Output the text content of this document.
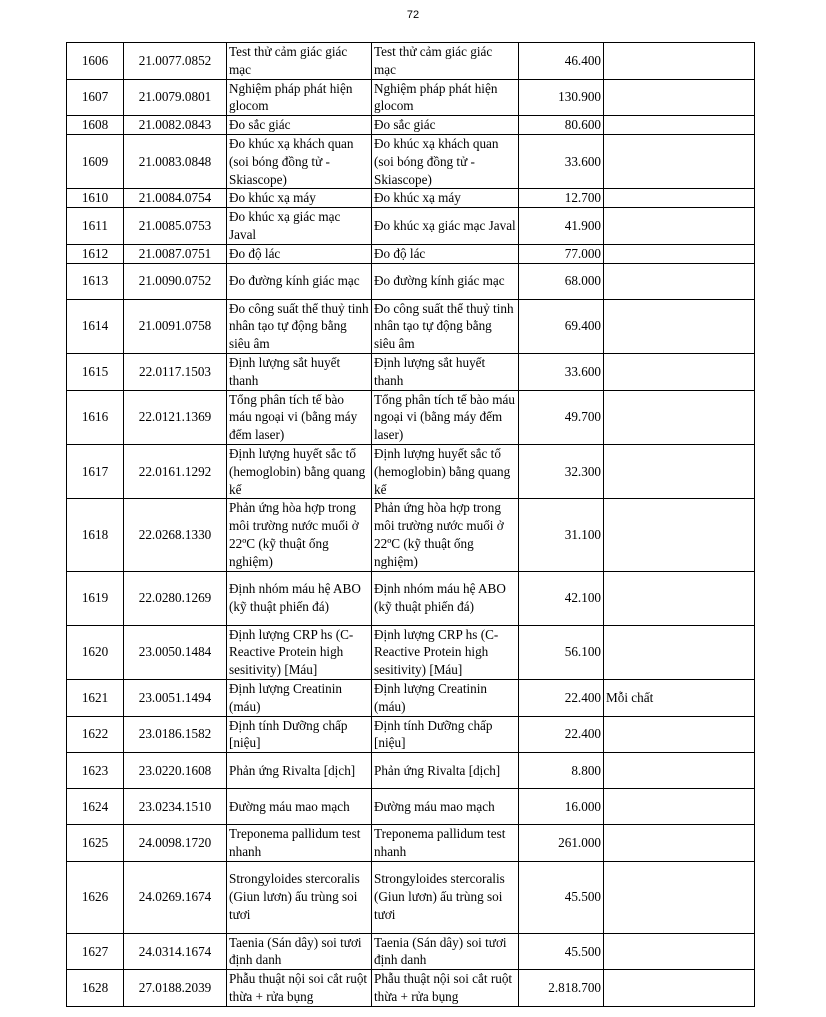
72
1606	21.0077.0852	Test thử cảm giác giác mạc	Test thử cảm giác giác mạc	46.400	
1607	21.0079.0801	Nghiệm pháp phát hiện glocom	Nghiệm pháp phát hiện glocom	130.900	
1608	21.0082.0843	Đo sắc giác	Đo sắc giác	80.600	
1609	21.0083.0848	Đo khúc xạ khách quan (soi bóng đồng tử - Skiascope)	Đo khúc xạ khách quan (soi bóng đồng tử - Skiascope)	33.600	
1610	21.0084.0754	Đo khúc xạ máy	Đo khúc xạ máy	12.700	
1611	21.0085.0753	Đo khúc xạ giác mạc Javal	Đo khúc xạ giác mạc Javal	41.900	
1612	21.0087.0751	Đo độ lác	Đo độ lác	77.000	
1613	21.0090.0752	Đo đường kính giác mạc	Đo đường kính giác mạc	68.000	
1614	21.0091.0758	Đo công suất thể thuỷ tinh nhân tạo tự động bằng siêu âm	Đo công suất thể thuỷ tinh nhân tạo tự động bằng siêu âm	69.400	
1615	22.0117.1503	Định lượng sắt huyết thanh	Định lượng sắt huyết thanh	33.600	
1616	22.0121.1369	Tổng phân tích tế bào máu ngoại vi (bằng máy đếm laser)	Tổng phân tích tế bào máu ngoại vi (bằng máy đếm laser)	49.700	
1617	22.0161.1292	Định lượng huyết sắc tố (hemoglobin) bằng quang kế	Định lượng huyết sắc tố (hemoglobin) bằng quang kế	32.300	
1618	22.0268.1330	Phản ứng hòa hợp trong môi trường nước muối ở 22ºC (kỹ thuật ống nghiệm)	Phản ứng hòa hợp trong môi trường nước muối ở 22ºC (kỹ thuật ống nghiệm)	31.100	
1619	22.0280.1269	Định nhóm máu hệ ABO (kỹ thuật phiến đá)	Định nhóm máu hệ ABO (kỹ thuật phiến đá)	42.100	
1620	23.0050.1484	Định lượng CRP hs (C-Reactive Protein high sesitivity) [Máu]	Định lượng CRP hs (C-Reactive Protein high sesitivity) [Máu]	56.100	
1621	23.0051.1494	Định lượng Creatinin (máu)	Định lượng Creatinin (máu)	22.400	Mỗi chất
1622	23.0186.1582	Định tính Dưỡng chấp [niệu]	Định tính Dưỡng chấp [niệu]	22.400	
1623	23.0220.1608	Phản ứng Rivalta [dịch]	Phản ứng Rivalta [dịch]	8.800	
1624	23.0234.1510	Đường máu mao mạch	Đường máu mao mạch	16.000	
1625	24.0098.1720	Treponema pallidum test nhanh	Treponema pallidum test nhanh	261.000	
1626	24.0269.1674	Strongyloides stercoralis (Giun lươn) ấu trùng soi tươi	Strongyloides stercoralis (Giun lươn) ấu trùng soi tươi	45.500	
1627	24.0314.1674	Taenia (Sán dây) soi tươi định danh	Taenia (Sán dây) soi tươi định danh	45.500	
1628	27.0188.2039	Phẫu thuật nội soi cắt ruột thừa + rửa bụng	Phẫu thuật nội soi cắt ruột thừa + rửa bụng	2.818.700	
